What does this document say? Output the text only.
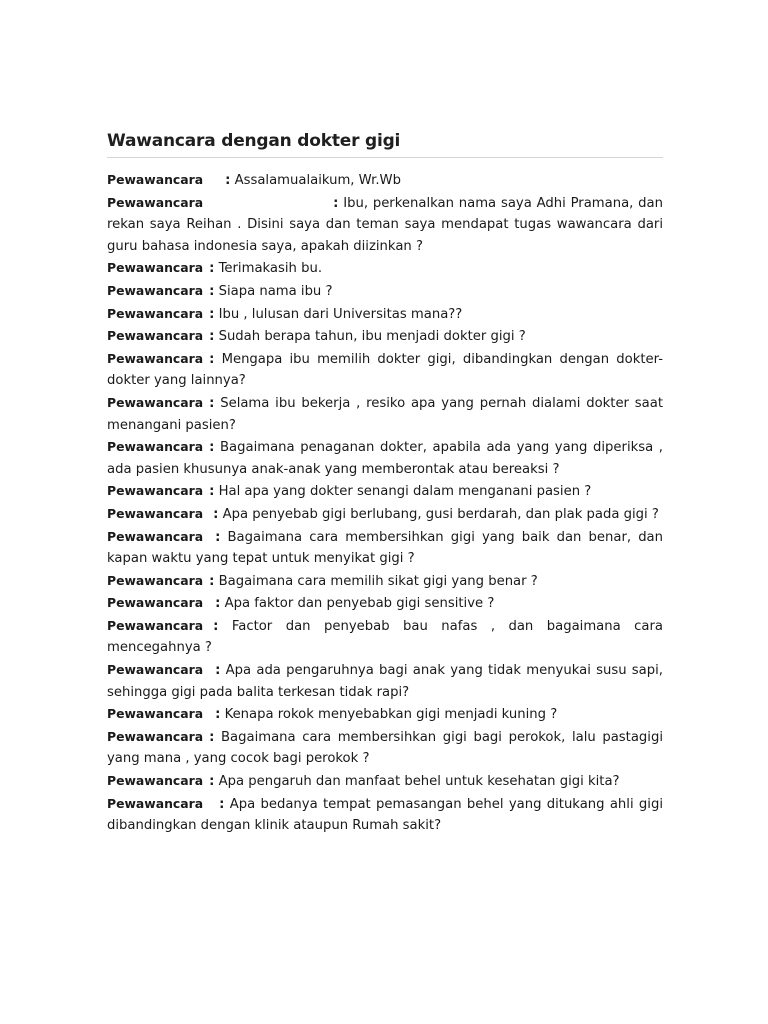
Wawancara dengan dokter gigi

Pewawancara : Assalamualaikum, Wr.Wb

Pewawancara	: Ibu, perkenalkan nama saya Adhi Pramana, dan rekan saya Reihan . Disini saya dan teman saya mendapat tugas wawancara dari guru bahasa indonesia saya, apakah diizinkan ?

Pewawancara : Terimakasih bu.

Pewawancara : Siapa nama ibu ?

Pewawancara : Ibu , lulusan dari Universitas mana??

Pewawancara : Sudah berapa tahun, ibu menjadi dokter gigi ?

Pewawancara : Mengapa ibu memilih dokter gigi, dibandingkan dengan dokter-dokter yang lainnya?

Pewawancara : Selama ibu bekerja , resiko apa yang pernah dialami dokter saat menangani pasien?

Pewawancara : Bagaimana penaganan dokter, apabila ada yang yang diperiksa , ada pasien khusunya anak-anak yang memberontak atau bereaksi ?

Pewawancara : Hal apa yang dokter senangi dalam menganani pasien ?

Pewawancara : Apa penyebab gigi berlubang, gusi berdarah, dan plak pada gigi ?

Pewawancara : Bagaimana cara membersihkan gigi yang baik dan benar, dan kapan waktu yang tepat untuk menyikat gigi ?

Pewawancara : Bagaimana cara memilih sikat gigi yang benar ?

Pewawancara : Apa faktor dan penyebab gigi sensitive ?

Pewawancara : Factor dan penyebab bau nafas , dan bagaimana cara mencegahnya ?

Pewawancara : Apa ada pengaruhnya bagi anak yang tidak menyukai susu sapi, sehingga gigi pada balita terkesan tidak rapi?

Pewawancara : Kenapa rokok menyebabkan gigi menjadi kuning ?

Pewawancara : Bagaimana cara membersihkan gigi bagi perokok, lalu pastagigi yang mana , yang cocok bagi perokok ?

Pewawancara : Apa pengaruh dan manfaat behel untuk kesehatan gigi kita?

Pewawancara : Apa bedanya tempat pemasangan behel yang ditukang ahli gigi dibandingkan dengan klinik ataupun Rumah sakit?
